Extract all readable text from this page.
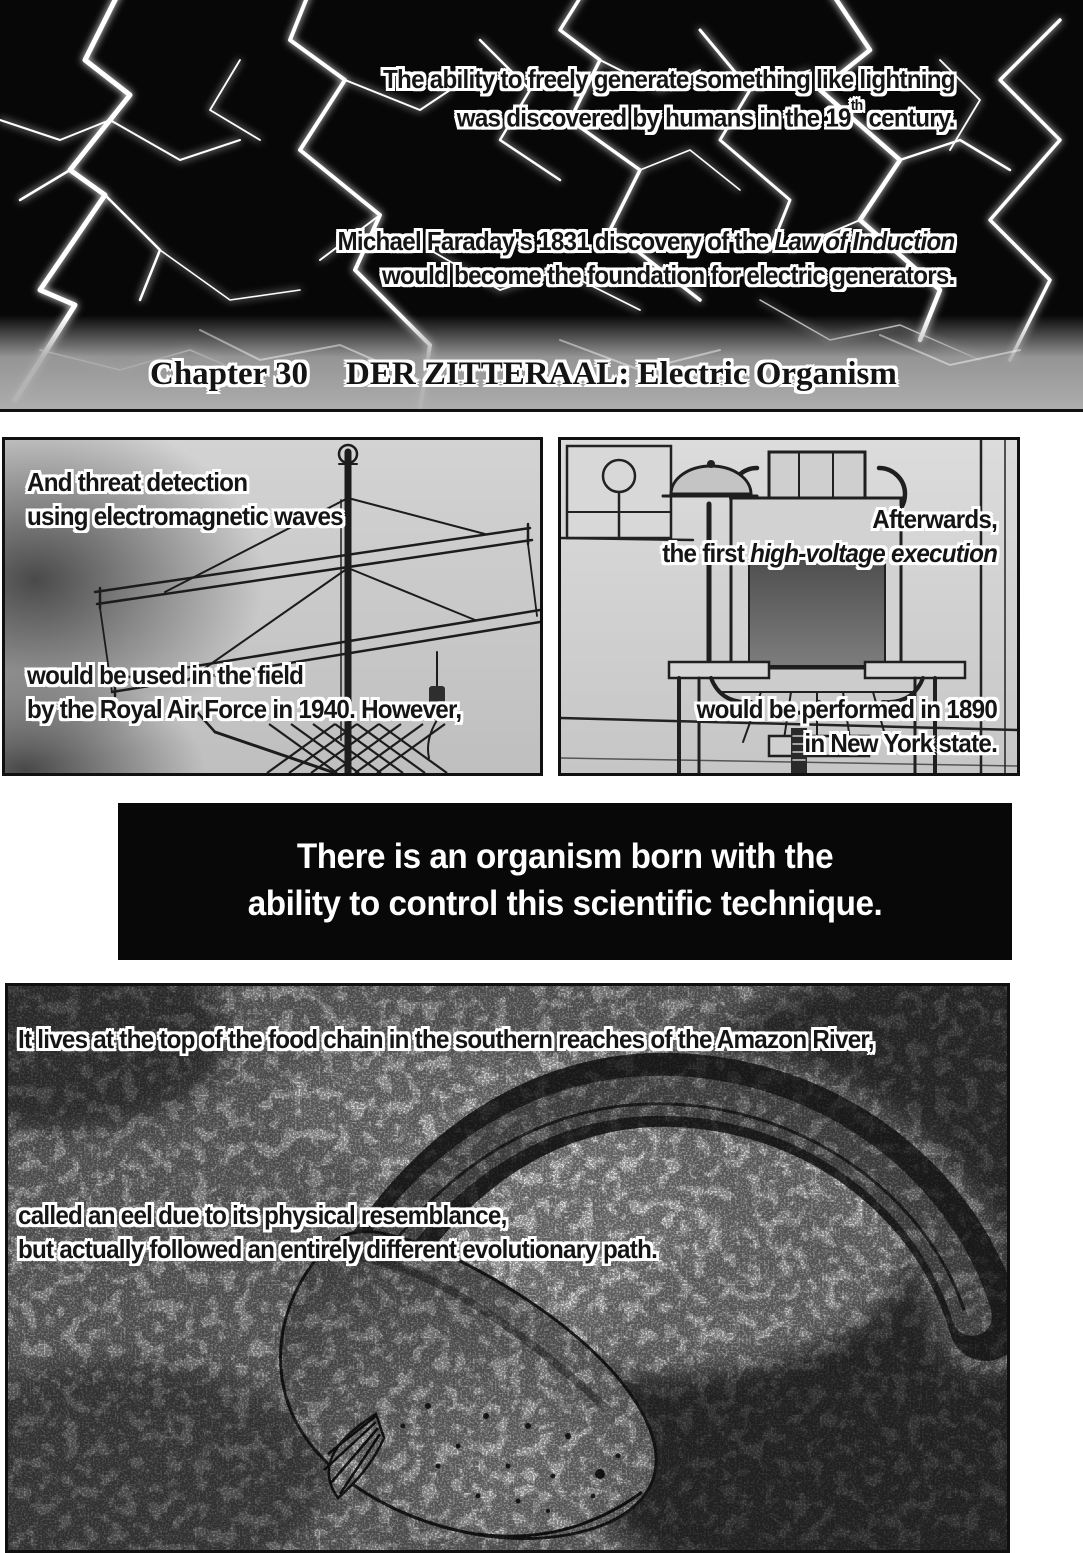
The ability to freely generate something like lightning
was discovered by humans in the 19th century.
Michael Faraday's 1831 discovery of the Law of Induction
would become the foundation for electric generators.
Chapter 30 DER ZITTERAAL: Electric Organism
And threat detection
using electromagnetic waves
would be used in the field
by the Royal Air Force in 1940. However,
Afterwards,
the first high-voltage execution
would be performed in 1890
in New York state.
There is an organism born with the
ability to control this scientific technique.
It lives at the top of the food chain in the southern reaches of the Amazon River,
called an eel due to its physical resemblance,
but actually followed an entirely different evolutionary path.
